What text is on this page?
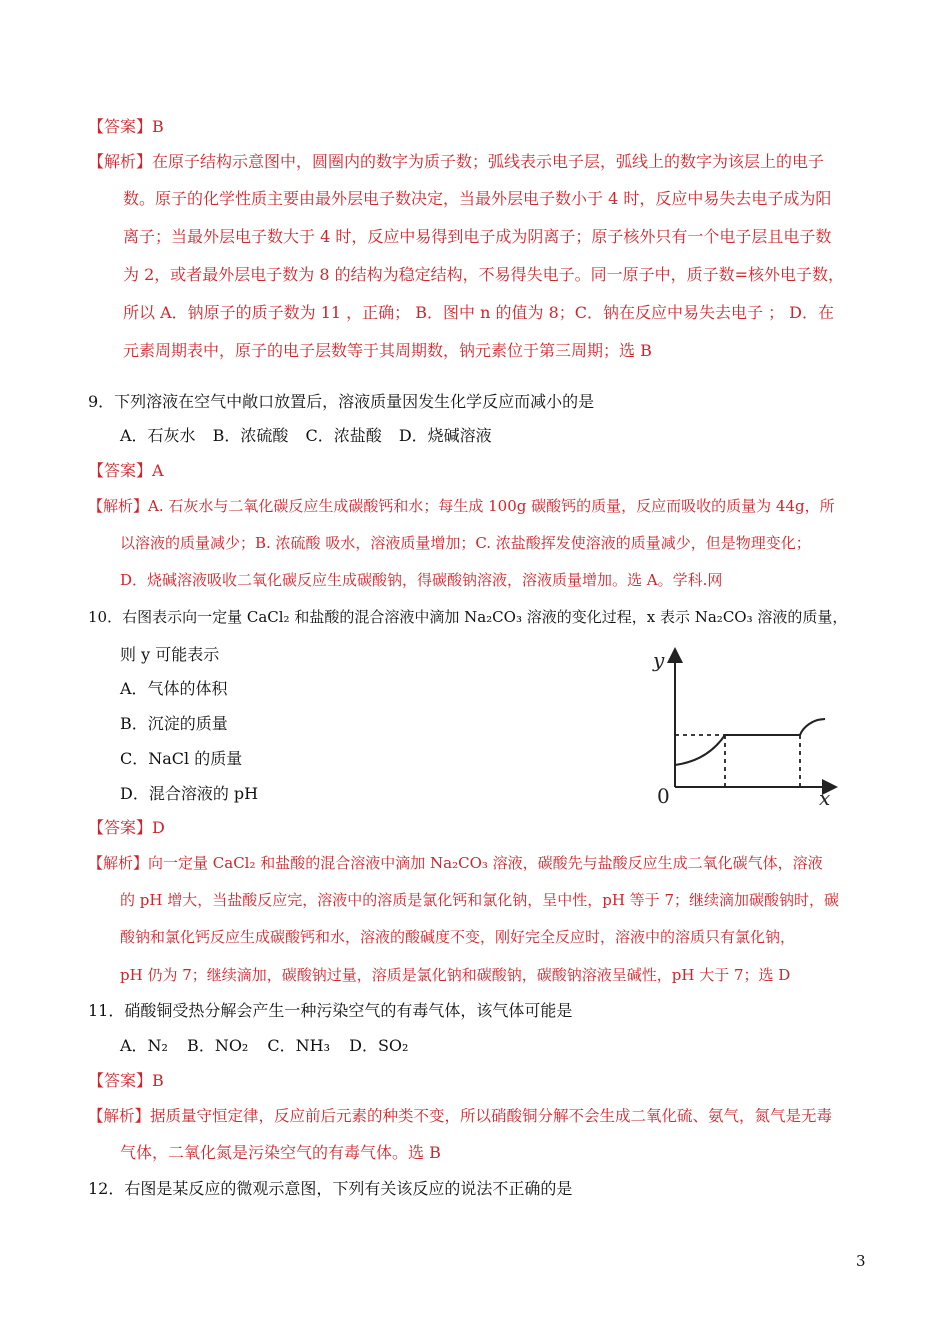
【答案】B
【解析】在原子结构示意图中，圆圈内的数字为质子数；弧线表示电子层，弧线上的数字为该层上的电子
数。原子的化学性质主要由最外层电子数决定，当最外层电子数小于 4 时，反应中易失去电子成为阳
离子；当最外层电子数大于 4 时，反应中易得到电子成为阴离子；原子核外只有一个电子层且电子数
为 2，或者最外层电子数为 8 的结构为稳定结构，不易得失电子。同一原子中，质子数=核外电子数，
所以 A．钠原子的质子数为 11 ，正确； B．图中 n 的值为 8；C．钠在反应中易失去电子 ； D．在
元素周期表中，原子的电子层数等于其周期数，钠元素位于第三周期；选 B
9．下列溶液在空气中敞口放置后，溶液质量因发生化学反应而减小的是
A．石灰水 B．浓硫酸 C．浓盐酸 D．烧碱溶液
【答案】A
【解析】A. 石灰水与二氧化碳反应生成碳酸钙和水；每生成 100g 碳酸钙的质量，反应而吸收的质量为 44g，所
以溶液的质量减少；B. 浓硫酸 吸水，溶液质量增加；C. 浓盐酸挥发使溶液的质量减少，但是物理变化；
D．烧碱溶液吸收二氧化碳反应生成碳酸钠，得碳酸钠溶液，溶液质量增加。选 A。学科.网
10．右图表示向一定量 CaCl₂ 和盐酸的混合溶液中滴加 Na₂CO₃ 溶液的变化过程，x 表示 Na₂CO₃ 溶液的质量，
则 y 可能表示
A．气体的体积
B．沉淀的质量
C．NaCl 的质量
D．混合溶液的 pH
y
x
0
【答案】D
【解析】向一定量 CaCl₂ 和盐酸的混合溶液中滴加 Na₂CO₃ 溶液，碳酸先与盐酸反应生成二氧化碳气体，溶液
的 pH 增大，当盐酸反应完，溶液中的溶质是氯化钙和氯化钠，呈中性，pH 等于 7；继续滴加碳酸钠时，碳
酸钠和氯化钙反应生成碳酸钙和水，溶液的酸碱度不变，刚好完全反应时，溶液中的溶质只有氯化钠，
pH 仍为 7；继续滴加，碳酸钠过量，溶质是氯化钠和碳酸钠，碳酸钠溶液呈碱性，pH 大于 7；选 D
11．硝酸铜受热分解会产生一种污染空气的有毒气体，该气体可能是
A．N₂ B．NO₂ C．NH₃ D．SO₂
【答案】B
【解析】据质量守恒定律，反应前后元素的种类不变，所以硝酸铜分解不会生成二氧化硫、氨气，氮气是无毒
气体，二氧化氮是污染空气的有毒气体。选 B
12．右图是某反应的微观示意图，下列有关该反应的说法不正确的是
3
